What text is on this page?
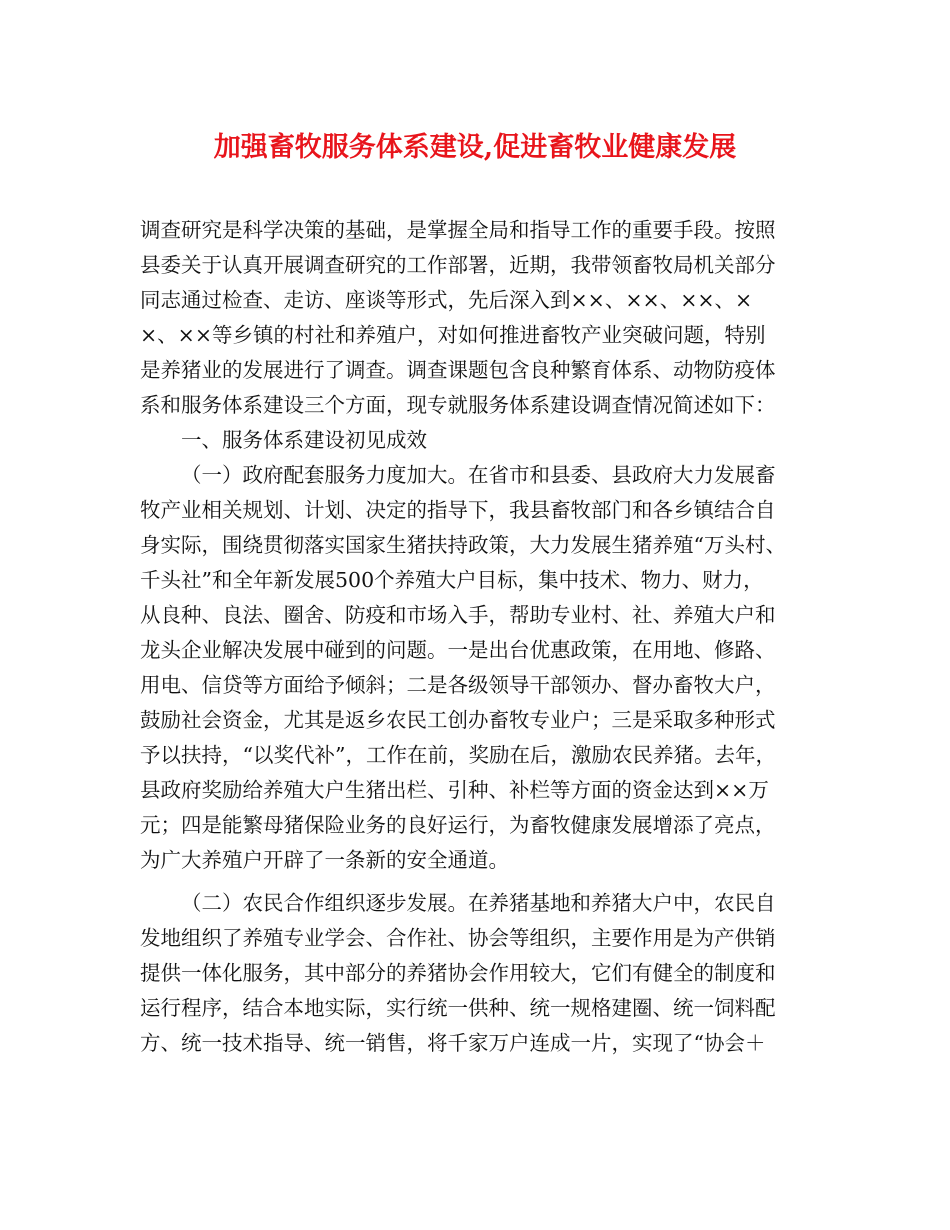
加强畜牧服务体系建设,促进畜牧业健康发展

调查研究是科学决策的基础，是掌握全局和指导工作的重要手段。按照

县委关于认真开展调查研究的工作部署，近期，我带领畜牧局机关部分

同志通过检查、走访、座谈等形式，先后深入到××、××、××、×

×、××等乡镇的村社和养殖户，对如何推进畜牧产业突破问题，特别

是养猪业的发展进行了调查。调查课题包含良种繁育体系、动物防疫体

系和服务体系建设三个方面，现专就服务体系建设调查情况简述如下：

一、服务体系建设初见成效

（一）政府配套服务力度加大。在省市和县委、县政府大力发展畜

牧产业相关规划、计划、决定的指导下，我县畜牧部门和各乡镇结合自

身实际，围绕贯彻落实国家生猪扶持政策，大力发展生猪养殖“万头村、

千头社”和全年新发展500个养殖大户目标，集中技术、物力、财力，

从良种、良法、圈舍、防疫和市场入手，帮助专业村、社、养殖大户和

龙头企业解决发展中碰到的问题。一是出台优惠政策，在用地、修路、

用电、信贷等方面给予倾斜；二是各级领导干部领办、督办畜牧大户，

鼓励社会资金，尤其是返乡农民工创办畜牧专业户；三是采取多种形式

予以扶持，“以奖代补”，工作在前，奖励在后，激励农民养猪。去年，

县政府奖励给养殖大户生猪出栏、引种、补栏等方面的资金达到××万

元；四是能繁母猪保险业务的良好运行，为畜牧健康发展增添了亮点，

为广大养殖户开辟了一条新的安全通道。

（二）农民合作组织逐步发展。在养猪基地和养猪大户中，农民自

发地组织了养殖专业学会、合作社、协会等组织，主要作用是为产供销

提供一体化服务，其中部分的养猪协会作用较大，它们有健全的制度和

运行程序，结合本地实际，实行统一供种、统一规格建圈、统一饲料配

方、统一技术指导、统一销售，将千家万户连成一片，实现了“协会＋
